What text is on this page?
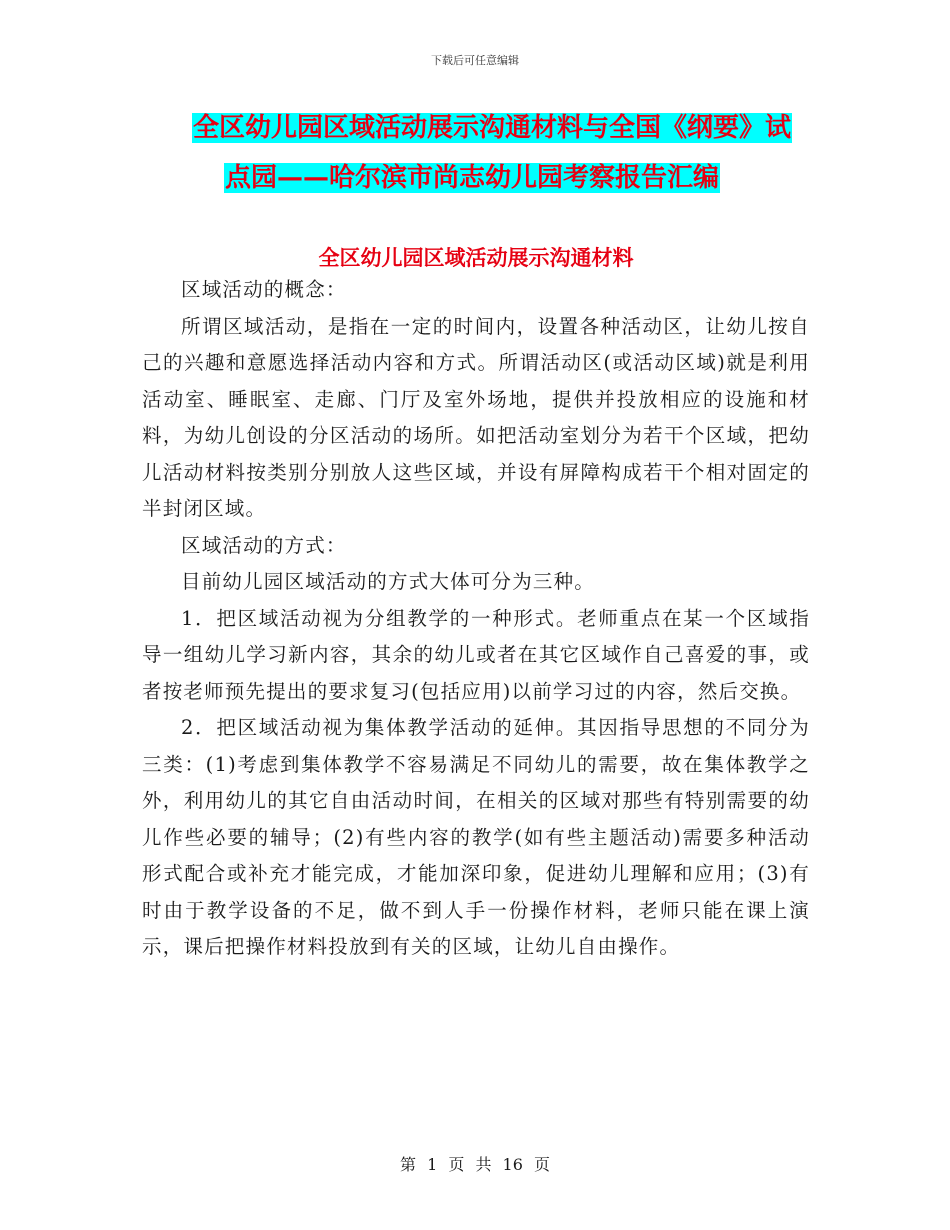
下载后可任意编辑
全区幼儿园区域活动展示沟通材料与全国《纲要》试
点园——哈尔滨市尚志幼儿园考察报告汇编
全区幼儿园区域活动展示沟通材料

区域活动的概念：

所谓区域活动，是指在一定的时间内，设置各种活动区，让幼儿按自己的兴趣和意愿选择活动内容和方式。所谓活动区(或活动区域)就是利用活动室、睡眠室、走廊、门厅及室外场地，提供并投放相应的设施和材料，为幼儿创设的分区活动的场所。如把活动室划分为若干个区域，把幼儿活动材料按类别分别放人这些区域，并设有屏障构成若干个相对固定的半封闭区域。

区域活动的方式：

目前幼儿园区域活动的方式大体可分为三种。

1．把区域活动视为分组教学的一种形式。老师重点在某一个区域指导一组幼儿学习新内容，其余的幼儿或者在其它区域作自己喜爱的事，或者按老师预先提出的要求复习(包括应用)以前学习过的内容，然后交换。

2．把区域活动视为集体教学活动的延伸。其因指导思想的不同分为三类：(1)考虑到集体教学不容易满足不同幼儿的需要，故在集体教学之外，利用幼儿的其它自由活动时间，在相关的区域对那些有特别需要的幼儿作些必要的辅导；(2)有些内容的教学(如有些主题活动)需要多种活动形式配合或补充才能完成，才能加深印象，促进幼儿理解和应用；(3)有时由于教学设备的不足，做不到人手一份操作材料，老师只能在课上演示，课后把操作材料投放到有关的区域，让幼儿自由操作。

第 1 页 共 16 页
